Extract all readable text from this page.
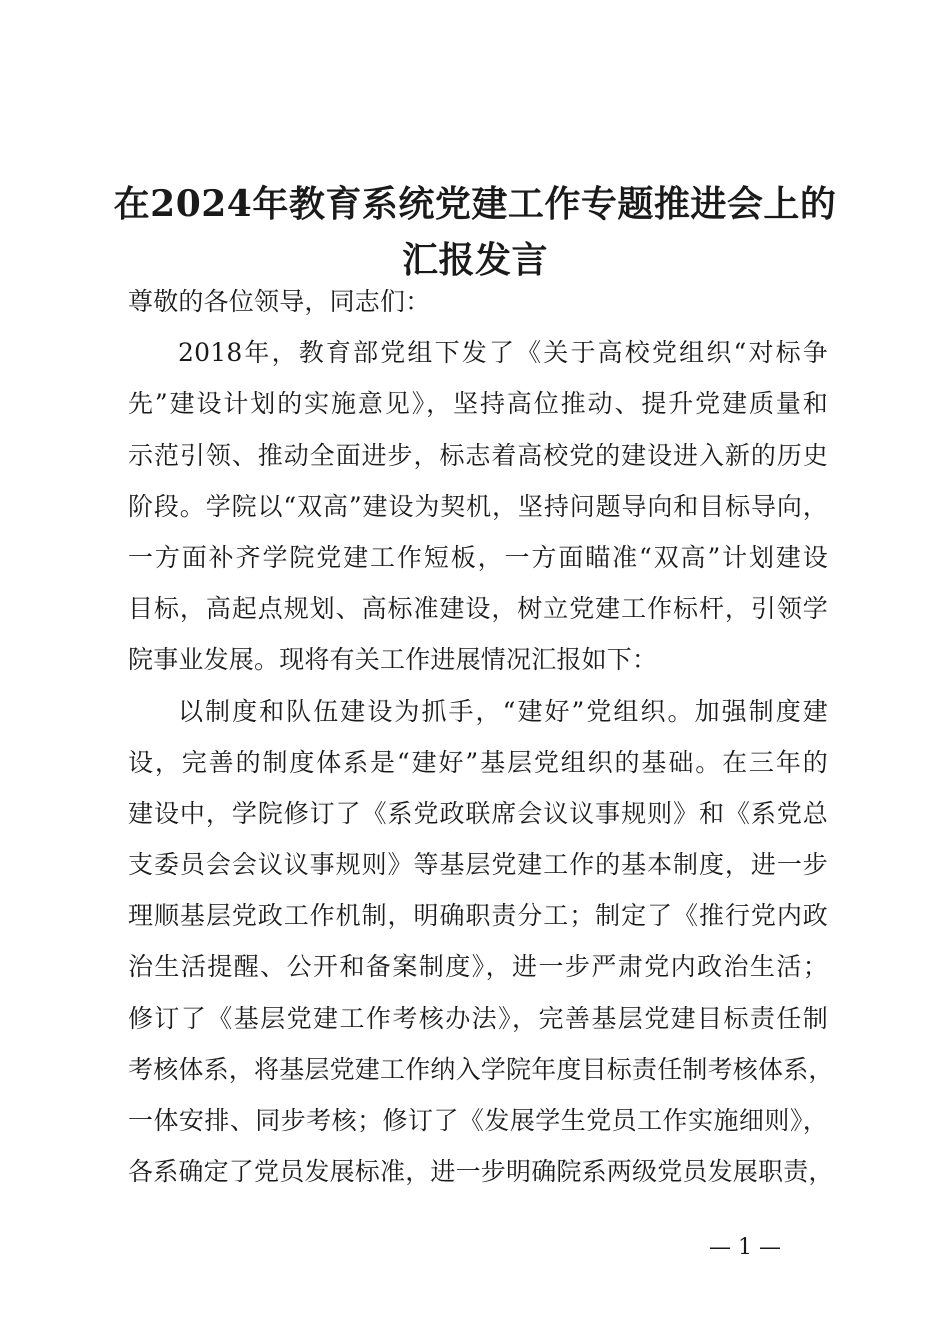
在2024年教育系统党建工作专题推进会上的
汇报发言
尊敬的各位领导，同志们：
2018年，教育部党组下发了《关于高校党组织“对标争
先”建设计划的实施意见》，坚持高位推动、提升党建质量和
示范引领、推动全面进步，标志着高校党的建设进入新的历史
阶段。学院以“双高”建设为契机，坚持问题导向和目标导向，
一方面补齐学院党建工作短板，一方面瞄准“双高”计划建设
目标，高起点规划、高标准建设，树立党建工作标杆，引领学
院事业发展。现将有关工作进展情况汇报如下：
以制度和队伍建设为抓手，“建好”党组织。加强制度建
设，完善的制度体系是“建好”基层党组织的基础。在三年的
建设中，学院修订了《系党政联席会议议事规则》和《系党总
支委员会会议议事规则》等基层党建工作的基本制度，进一步
理顺基层党政工作机制，明确职责分工；制定了《推行党内政
治生活提醒、公开和备案制度》，进一步严肃党内政治生活；
修订了《基层党建工作考核办法》，完善基层党建目标责任制
考核体系，将基层党建工作纳入学院年度目标责任制考核体系，
一体安排、同步考核；修订了《发展学生党员工作实施细则》，
各系确定了党员发展标准，进一步明确院系两级党员发展职责，
— 1 —
